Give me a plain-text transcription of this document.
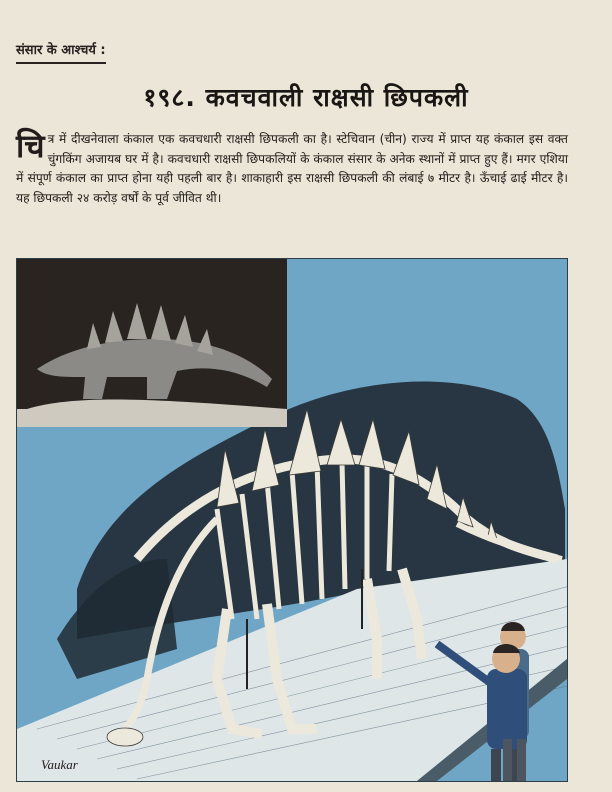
संसार के आश्चर्य :
१९८. कवचवाली राक्षसी छिपकली
चित्र में दीखनेवाला कंकाल एक कवचधारी राक्षसी छिपकली का है। स्टेचिवान (चीन) राज्य में प्राप्त यह कंकाल इस वक्त चुंगकिंग अजायब घर में है। कवचधारी राक्षसी छिपकलियों के कंकाल संसार के अनेक स्थानों में प्राप्त हुए हैं। मगर एशिया में संपूर्ण कंकाल का प्राप्त होना यही पहली बार है। शाकाहारी इस राक्षसी छिपकली की लंबाई ७ मीटर है। ऊँचाई ढाई मीटर है। यह छिपकली २४ करोड़ वर्षों के पूर्व जीवित थी।
Vaukar
